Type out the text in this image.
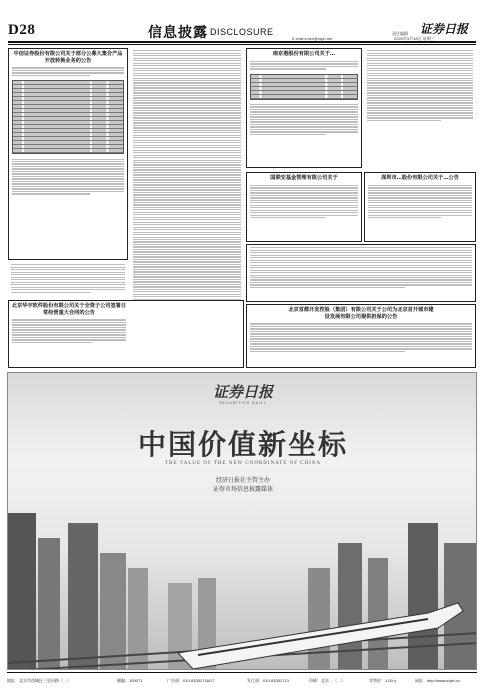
D28	信息披露 DISCLOSURE	责任编辑 证券日报
E-mail:zmzx@zqrb.net	2020年3月18日 星期三
中信证券股份有限公司关于部分公募大集合产品开放转换业务的公告
北京华宇软件股份有限公司关于全资子公司签署日常经营重大合同的公告
南京港股份有限公司关于…
国联安基金管理有限公司关于	深圳市…股份有限公司关于…公告
北京首都开发控股（集团）有限公司关于公司为北京首开城市建设发展有限公司提供担保的公告
证券日报
SECURITIES DAILY
中国价值新坐标
THE VALUE OF THE NEW COORDINATE OF CHINA
经济日报社主管主办
证券市场信息披露媒体
地址：北京市西城区三里河路（…）	邮编：100071	广告部：010-83251716/17	发行部：010-83251713	印刷：北京…（…）	零售价：1.00元	网址：http://www.zqrb.cn
